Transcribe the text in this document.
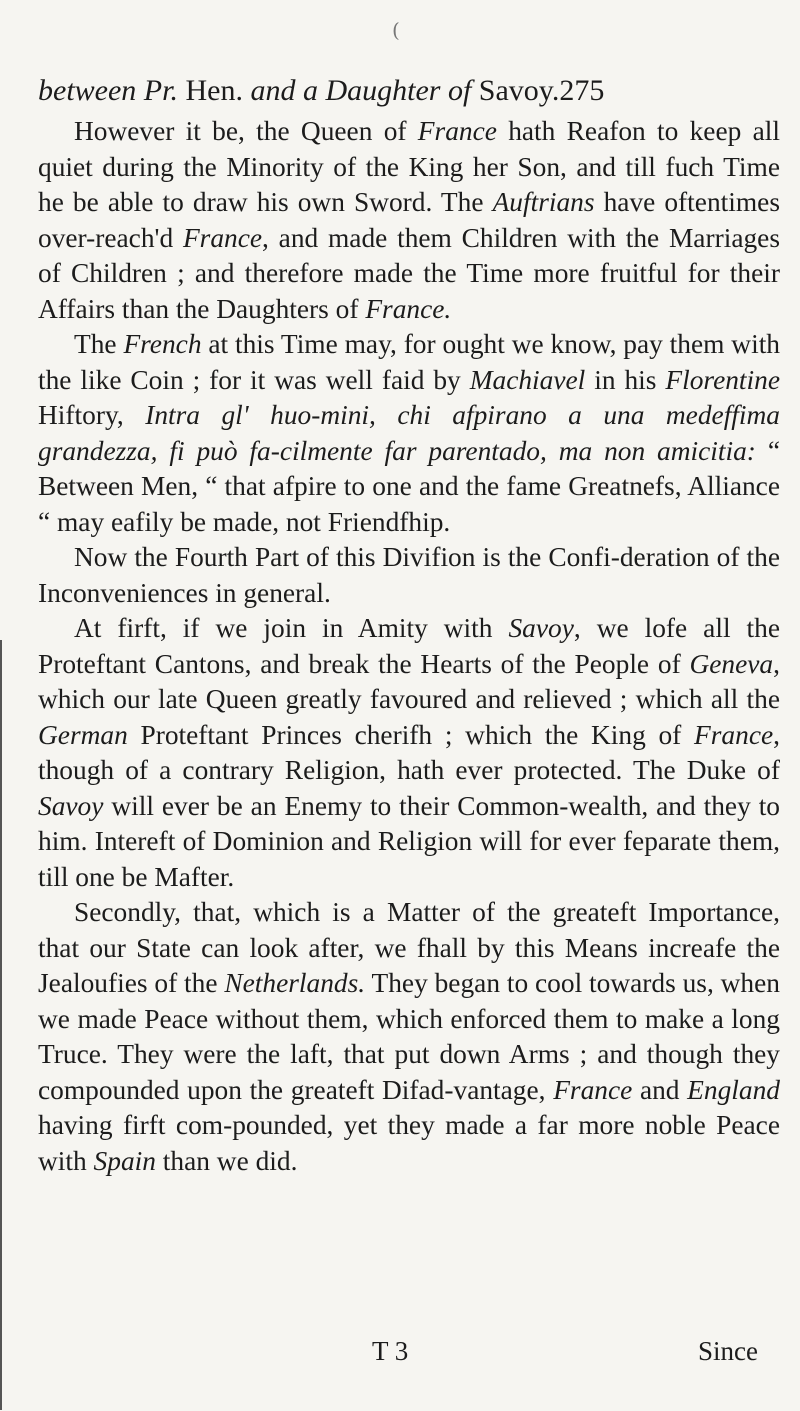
(
between Pr. Hen. and a Daughter of Savoy.275

However it be, the Queen of France hath Reafon to keep all quiet during the Minority of the King her Son, and till fuch Time he be able to draw his own Sword. The Auftrians have oftentimes over-reach'd France, and made them Children with the Marriages of Children ; and therefore made the Time more fruitful for their Affairs than the Daughters of France.

The French at this Time may, for ought we know, pay them with the like Coin ; for it was well faid by Machiavel in his Florentine Hiftory, Intra gl' huo-mini, chi afpirano a una medeffima grandezza, fi può fa-cilmente far parentado, ma non amicitia: “ Between Men, “ that afpire to one and the fame Greatnefs, Alliance “ may eafily be made, not Friendfhip.

Now the Fourth Part of this Divifion is the Confi-deration of the Inconveniences in general.

At firft, if we join in Amity with Savoy, we lofe all the Proteftant Cantons, and break the Hearts of the People of Geneva, which our late Queen greatly favoured and relieved ; which all the German Proteftant Princes cherifh ; which the King of France, though of a contrary Religion, hath ever protected. The Duke of Savoy will ever be an Enemy to their Common-wealth, and they to him. Intereft of Dominion and Religion will for ever feparate them, till one be Mafter.

Secondly, that, which is a Matter of the greateft Importance, that our State can look after, we fhall by this Means increafe the Jealoufies of the Netherlands. They began to cool towards us, when we made Peace without them, which enforced them to make a long Truce. They were the laft, that put down Arms ; and though they compounded upon the greateft Difad-vantage, France and England having firft com-pounded, yet they made a far more noble Peace with Spain than we did.

T 3	Since
